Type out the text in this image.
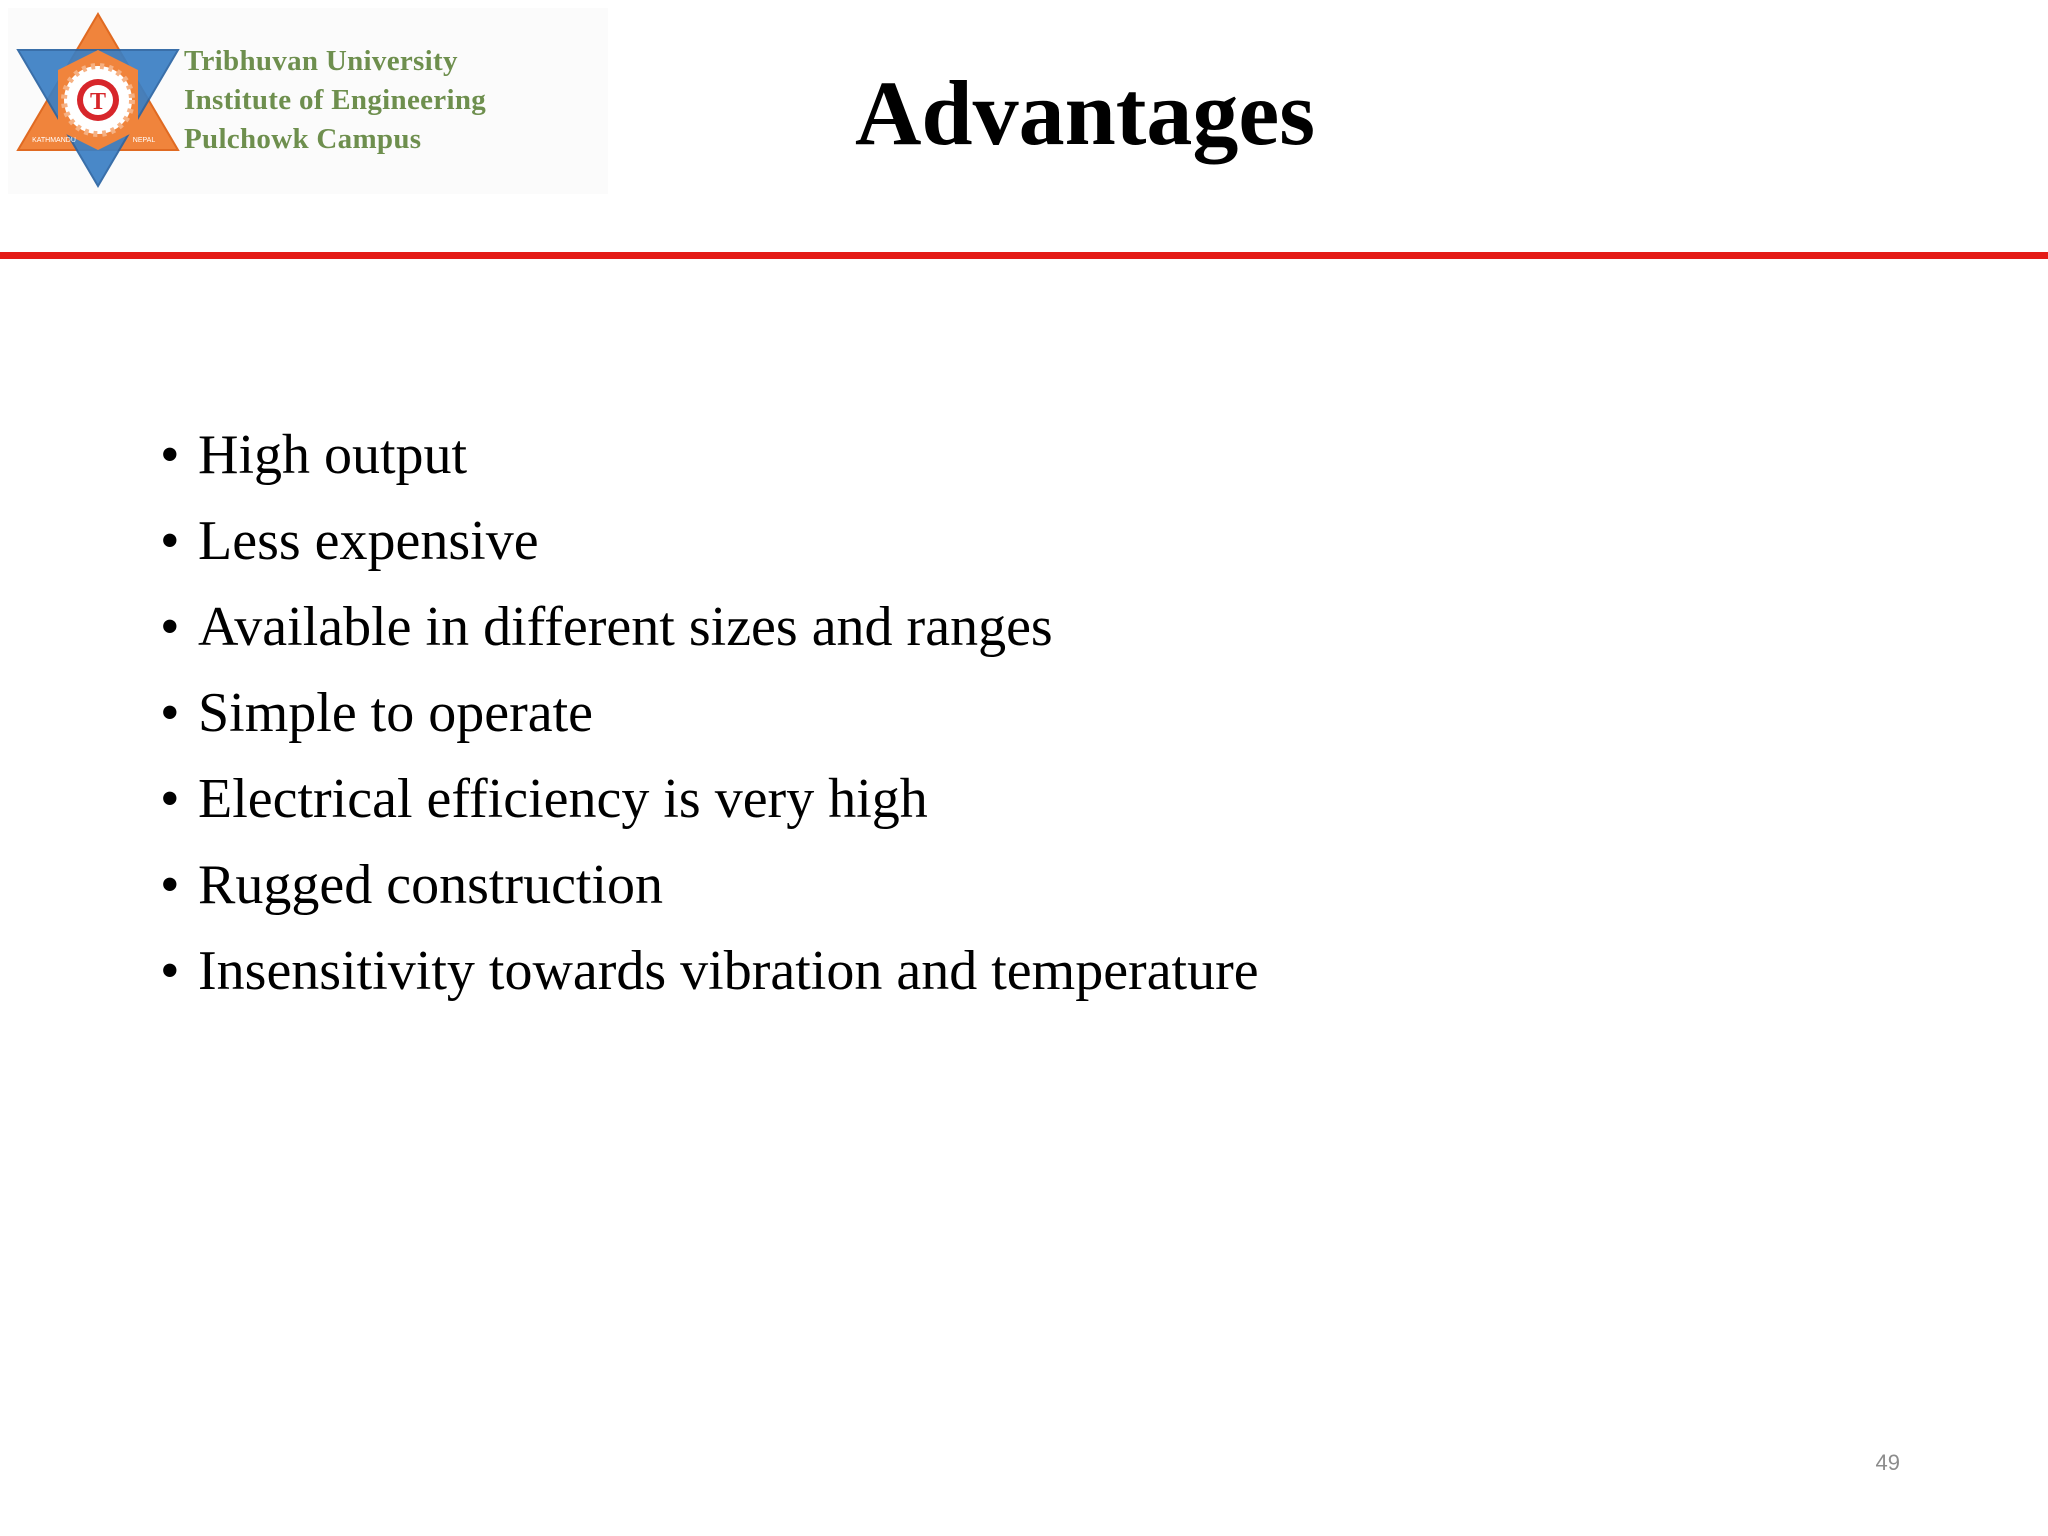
T
KATHMANDU	NEPAL
Tribhuvan University
Institute of Engineering
Pulchowk Campus	Advantages
• High output
• Less expensive
• Available in different sizes and ranges
• Simple to operate
• Electrical efficiency is very high
• Rugged construction
• Insensitivity towards vibration and temperature
49
